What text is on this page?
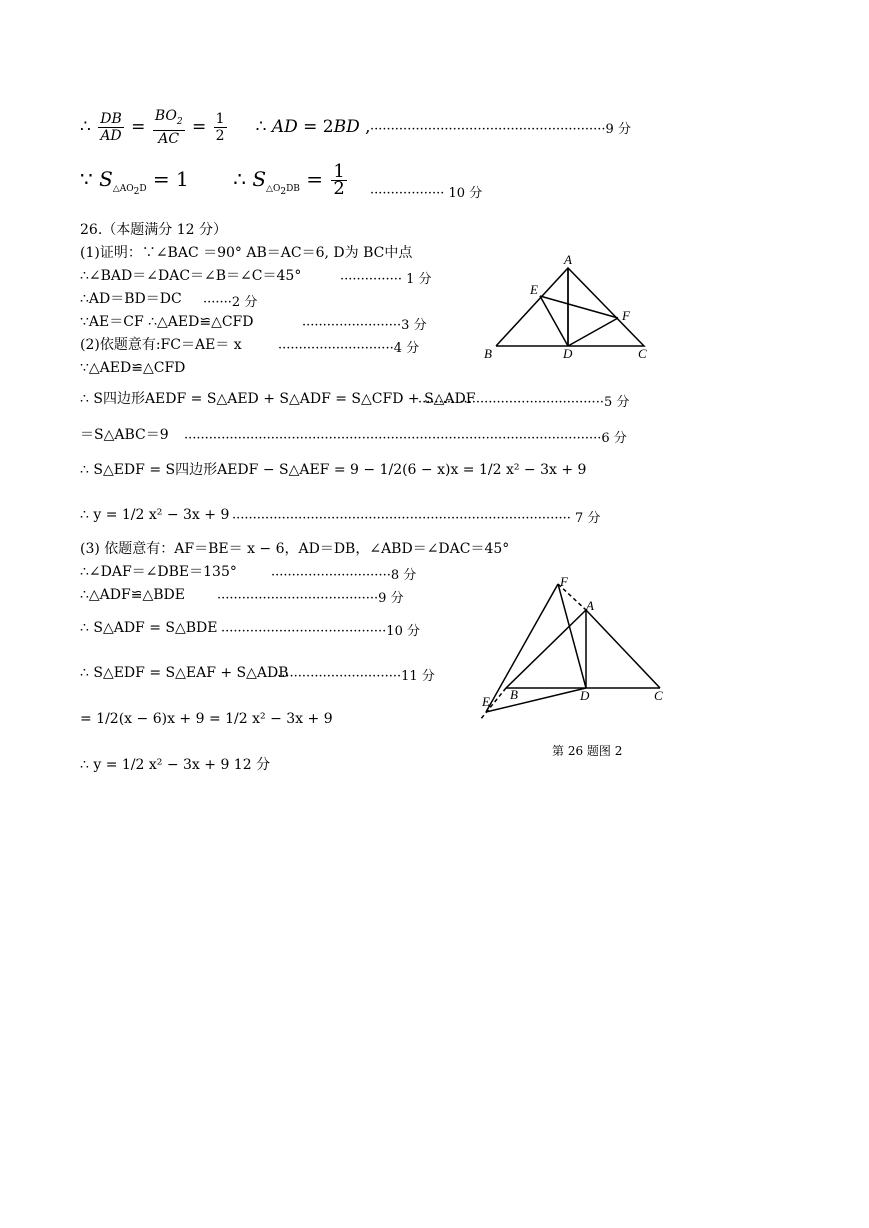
∴ $\frac{DB}{AD} = \frac{BO_2}{AC} = \frac{1}{2}$ ∴ AD = 2BD , ·························································9 分
∵ $S_{\triangle AO_2D} = 1$       ∴ $S_{\triangle O_2DB} = \frac{1}{2}$ ·················· 10 分
26.（本题满分 12 分）
(1)证明：∵∠BAC ＝90° AB＝AC＝6, D为 BC中点
∴∠BAD＝∠DAC＝∠B＝∠C＝45°	··············· 1 分
∴AD＝BD＝DC ·······2 分
∵AE＝CF ∴△AED≌△CFD	························3 分
(2)依题意有:FC＝AE＝ x	····························4 分
∵△AED≌△CFD
∴ S四边形AEDF = S△AED + S△ADF = S△CFD + S△ADF
·············································5 分
＝S△ABC＝9 ·····································································································6 分
∴ S△EDF = S四边形AEDF − S△AEF = 9 − 1/2(6 − x)x = 1/2 x² − 3x + 9
∴ y = 1/2 x² − 3x + 9 ·················································································· 7 分
(3) 依题意有：AF＝BE＝ x − 6，AD＝DB，∠ABD＝∠DAC＝45°
∴∠DAF＝∠DBE＝135°	·····························8 分
∴△ADF≌△BDE ·······································9 分
∴ S△ADF = S△BDE ········································10 分
∴ S△EDF = S△EAF + S△ADB
·······························11 分
= 1/2(x − 6)x + 9 = 1/2 x² − 3x + 9
∴ y = 1/2 x² − 3x + 9 12 分
A
B	C
D
E
F
F
A
B	D	C
E
第 26 题图 2
